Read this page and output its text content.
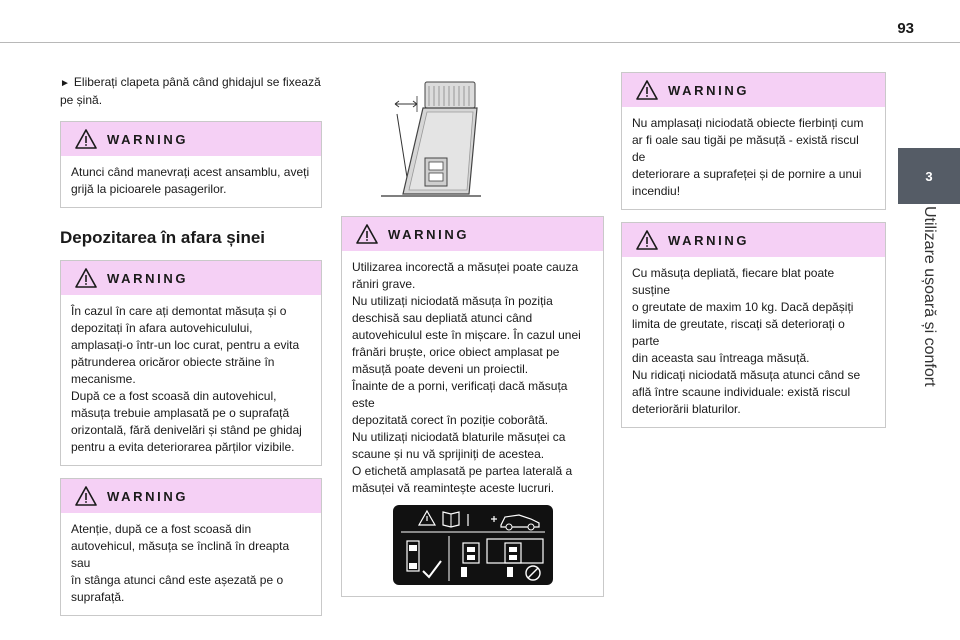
93
3
Utilizare ușoară și confort
► Eliberați clapeta până când ghidajul se fixează pe șină.
WARNING
Atunci când manevrați acest ansamblu, aveți
grijă la picioarele pasagerilor.
Depozitarea în afara șinei
WARNING
În cazul în care ați demontat măsuța și o
depozitați în afara autovehiculului,
amplasați-o într-un loc curat, pentru a evita
pătrunderea oricăror obiecte străine în
mecanisme.
După ce a fost scoasă din autovehicul,
măsuța trebuie amplasată pe o suprafață
orizontală, fără denivelări și stând pe ghidaj
pentru a evita deteriorarea părților vizibile.
WARNING
Atenție, după ce a fost scoasă din
autovehicul, măsuța se înclină în dreapta sau
în stânga atunci când este așezată pe o
suprafață.
WARNING
Utilizarea incorectă a măsuței poate cauza
răniri grave.
Nu utilizați niciodată măsuța în poziția
deschisă sau depliată atunci când
autovehiculul este în mișcare. În cazul unei
frânări bruște, orice obiect amplasat pe
măsuță poate deveni un proiectil.
Înainte de a porni, verificați dacă măsuța este
depozitată corect în poziție coborâtă.
Nu utilizați niciodată blaturile măsuței ca
scaune și nu vă sprijiniți de acestea.
O etichetă amplasată pe partea laterală a
măsuței vă reamintește aceste lucruri.
WARNING
Nu amplasați niciodată obiecte fierbinți cum
ar fi oale sau tigăi pe măsuță - există riscul de
deteriorare a suprafeței și de pornire a unui
incendiu!
WARNING
Cu măsuța depliată, fiecare blat poate susține
o greutate de maxim 10 kg. Dacă depășiți
limita de greutate, riscați să deteriorați o parte
din aceasta sau întreaga măsuță.
Nu ridicați niciodată măsuța atunci când se
află între scaune individuale: există riscul
deteriorării blaturilor.
